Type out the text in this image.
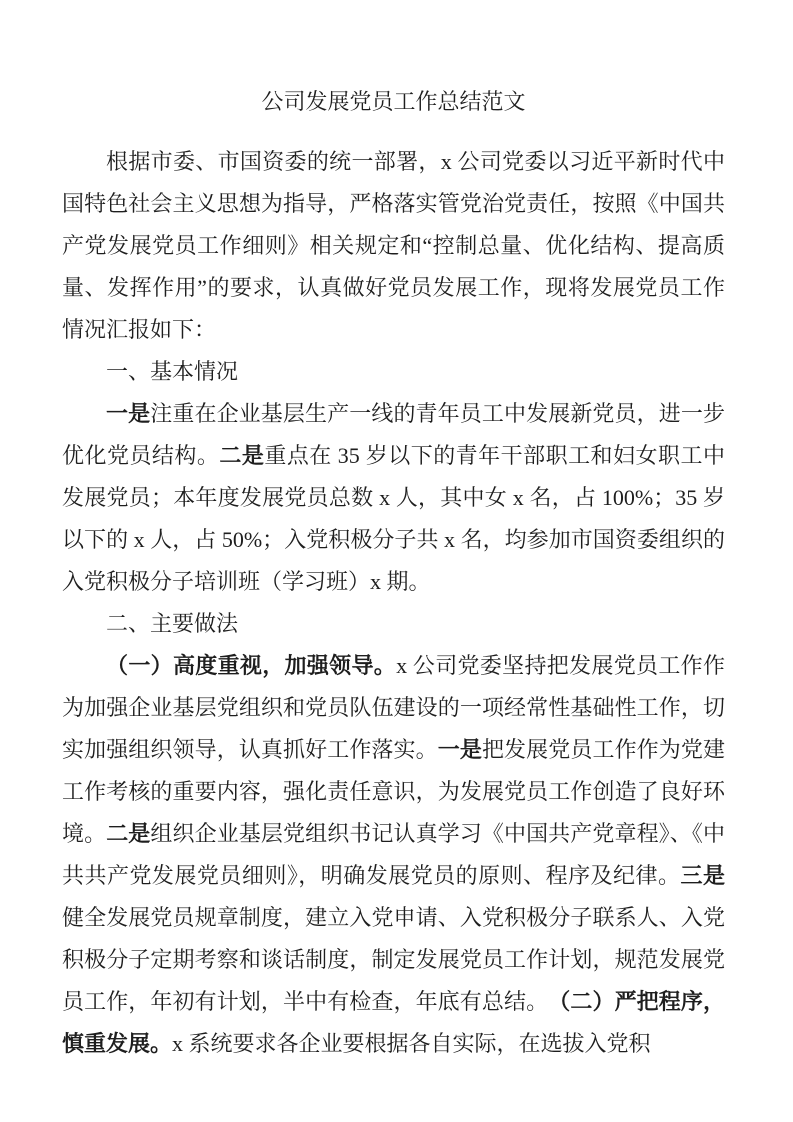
公司发展党员工作总结范文

根据市委、市国资委的统一部署，x 公司党委以习近平新时代中国特色社会主义思想为指导，严格落实管党治党责任，按照《中国共产党发展党员工作细则》相关规定和“控制总量、优化结构、提高质量、发挥作用”的要求，认真做好党员发展工作，现将发展党员工作情况汇报如下：

一、基本情况

一是注重在企业基层生产一线的青年员工中发展新党员，进一步优化党员结构。二是重点在 35 岁以下的青年干部职工和妇女职工中发展党员；本年度发展党员总数 x 人，其中女 x 名，占 100%；35 岁以下的 x 人，占 50%；入党积极分子共 x 名，均参加市国资委组织的入党积极分子培训班（学习班）x 期。

二、主要做法

（一）高度重视，加强领导。x 公司党委坚持把发展党员工作作为加强企业基层党组织和党员队伍建设的一项经常性基础性工作，切实加强组织领导，认真抓好工作落实。一是把发展党员工作作为党建工作考核的重要内容，强化责任意识，为发展党员工作创造了良好环境。二是组织企业基层党组织书记认真学习《中国共产党章程》、《中共共产党发展党员细则》，明确发展党员的原则、程序及纪律。三是健全发展党员规章制度，建立入党申请、入党积极分子联系人、入党积极分子定期考察和谈话制度，制定发展党员工作计划，规范发展党员工作，年初有计划，半中有检查，年底有总结。　（二）严把程序，慎重发展。x 系统要求各企业要根据各自实际，在选拔入党积
